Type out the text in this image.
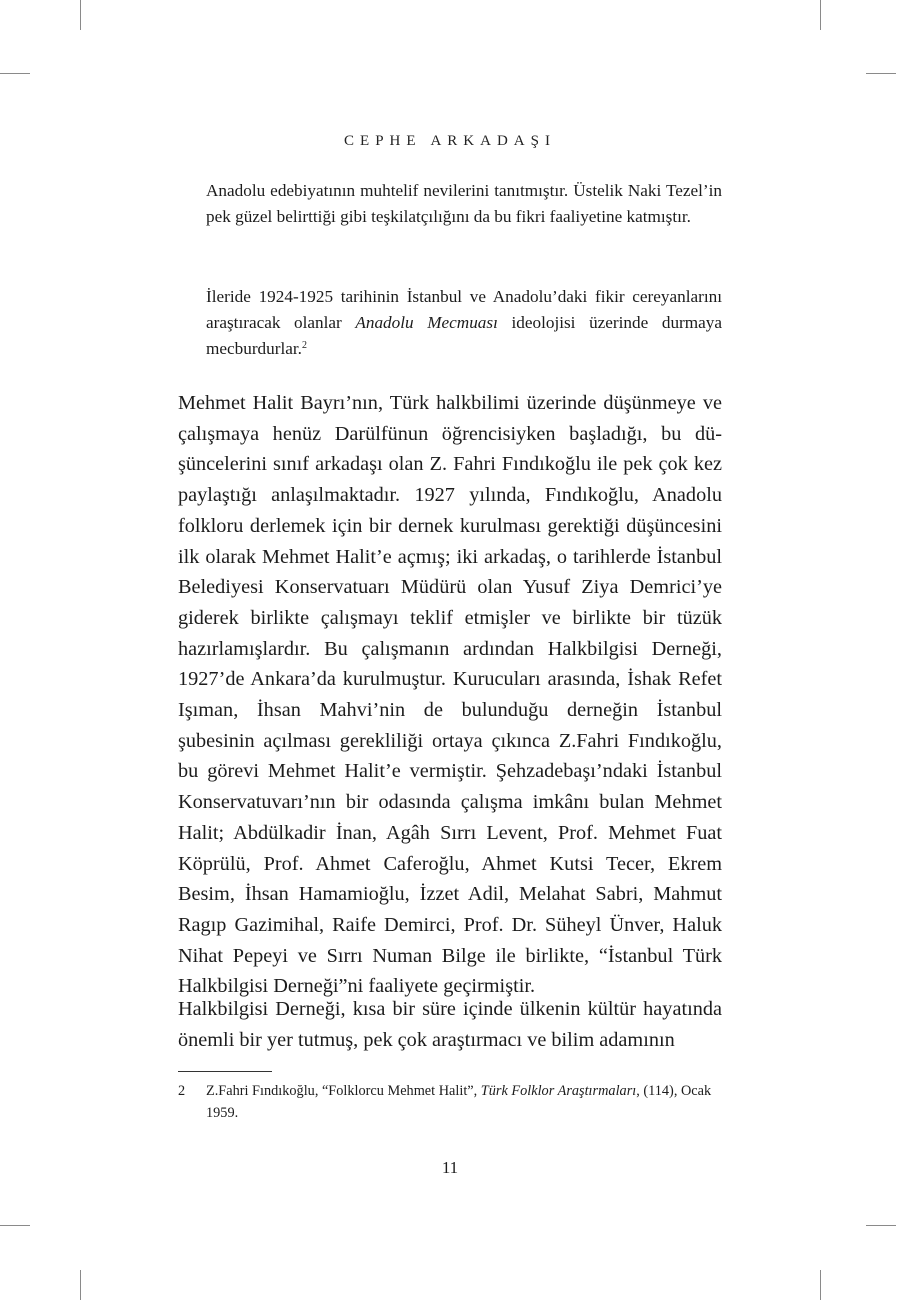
CEPHE ARKADAŞI
Anadolu edebiyatının muhtelif nevilerini tanıtmıştır. Üstelik Naki Tezel’in pek güzel belirttiği gibi teşkilatçılığını da bu fikri faaliyetine katmıştır.
İleride 1924-1925 tarihinin İstanbul ve Anadolu’daki fikir cereyanlarını araştıracak olanlar Anadolu Mecmuası ideolojisi üzerinde durmaya mecburdurlar.$^2$
Mehmet Halit Bayrı’nın, Türk halkbilimi üzerinde düşünmeye ve çalışmaya henüz Darülfünun öğrencisiyken başladığı, bu düşüncelerini sınıf arkadaşı olan Z. Fahri Fındıkoğlu ile pek çok kez paylaştığı anlaşılmaktadır. 1927 yılında, Fındıkoğlu, Anadolu folkloru derlemek için bir dernek kurulması gerektiği düşüncesini ilk olarak Mehmet Halit’e açmış; iki arkadaş, o tarihlerde İstanbul Belediyesi Konservatuarı Müdürü olan Yusuf Ziya Demrici’ye giderek birlikte çalışmayı teklif etmişler ve birlikte bir tüzük hazırlamışlardır. Bu çalışmanın ardından Halkbilgisi Derneği, 1927’de Ankara’da kurulmuştur. Kurucuları arasında, İshak Refet Işıman, İhsan Mahvi’nin de bulunduğu derneğin İstanbul şubesinin açılması gerekliliği ortaya çıkınca Z.Fahri Fındıkoğlu, bu görevi Mehmet Halit’e vermiştir. Şehzadebaşı’ndaki İstanbul Konservatuvarı’nın bir odasında çalışma imkânı bulan Mehmet Halit; Abdülkadir İnan, Agâh Sırrı Levent, Prof. Mehmet Fuat Köprülü, Prof. Ahmet Caferoğlu, Ahmet Kutsi Tecer, Ekrem Besim, İhsan Hamamioğlu, İzzet Adil, Melahat Sabri, Mahmut Ragıp Gazimihal, Raife Demirci, Prof. Dr. Süheyl Ünver, Haluk Nihat Pepeyi ve Sırrı Numan Bilge ile birlikte, “İstanbul Türk Halkbilgisi Derneği”ni faaliyete geçirmiştir.
Halkbilgisi Derneği, kısa bir süre içinde ülkenin kültür hayatında önemli bir yer tutmuş, pek çok araştırmacı ve bilim adamının
2 Z.Fahri Fındıkoğlu, “Folklorcu Mehmet Halit”, Türk Folklor Araştırmaları, (114), Ocak 1959.
11
